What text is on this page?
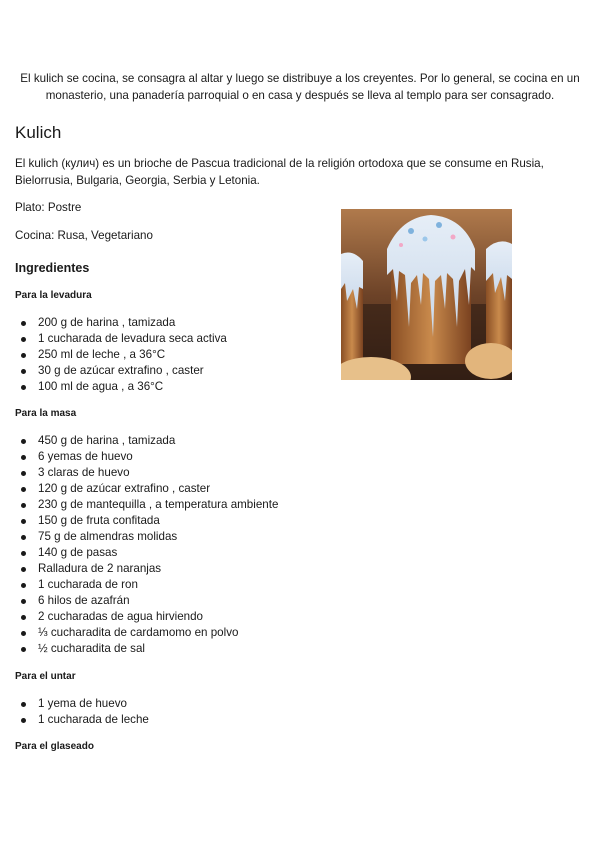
El kulich se cocina, se consagra al altar y luego se distribuye a los creyentes. Por lo general, se cocina en un monasterio, una panadería parroquial o en casa y después se lleva al templo para ser consagrado.

Kulich

El kulich (кулич) es un brioche de Pascua tradicional de la religión ortodoxa que se consume en Rusia, Bielorrusia, Bulgaria, Georgia, Serbia y Letonia.

Plato: Postre

Cocina: Rusa, Vegetariano

Ingredientes

Para la levadura

200 g de harina , tamizada
1 cucharada de levadura seca activa
250 ml de leche , a 36°C
30 g de azúcar extrafino , caster
100 ml de agua , a 36°C

Para la masa

450 g de harina , tamizada
6 yemas de huevo
3 claras de huevo
120 g de azúcar extrafino , caster
230 g de mantequilla , a temperatura ambiente
150 g de fruta confitada
75 g de almendras molidas
140 g de pasas
Ralladura de 2 naranjas
1 cucharada de ron
6 hilos de azafrán
2 cucharadas de agua hirviendo
⅓ cucharadita de cardamomo en polvo
½ cucharadita de sal

Para el untar

1 yema de huevo
1 cucharada de leche

Para el glaseado
